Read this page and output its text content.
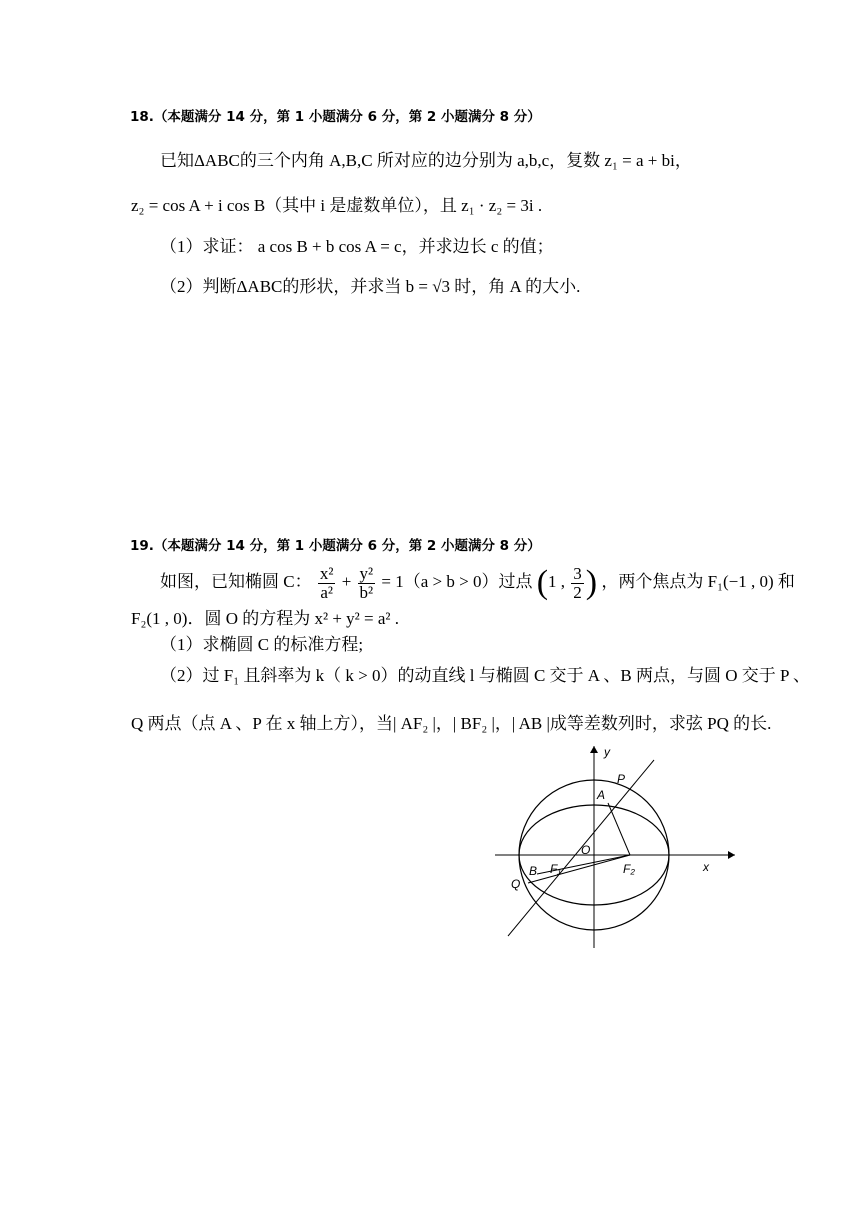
18.（本题满分 14 分，第 1 小题满分 6 分，第 2 小题满分 8 分）
已知ΔABC的三个内角 A,B,C 所对应的边分别为 a,b,c，复数 z₁ = a + bi，
z₂ = cos A + i cos B（其中 i 是虚数单位），且 z₁ · z₂ = 3i .
（1）求证： a cos B + b cos A = c，并求边长 c 的值；
（2）判断ΔABC的形状，并求当 b = √3 时，角 A 的大小.
19.（本题满分 14 分，第 1 小题满分 6 分，第 2 小题满分 8 分）
如图，已知椭圆 C： $\frac{\text{x²}}{\text{a²}} + \frac{\text{y²}}{\text{b²}} = 1(a > b > 0)$过点 (1 , $\frac{3}{2}$ ) ，两个焦点为 F₁(−1 , 0) 和
F₂(1 , 0)．圆 O 的方程为 x² + y² = a² .
（1）求椭圆 C 的标准方程;
（2）过 F₁ 且斜率为 k（ k > 0）的动直线 l 与椭圆 C 交于 A 、B 两点，与圆 O 交于 P 、
Q 两点（点 A 、P 在 x 轴上方），当| AF₂ |，| BF₂ |，| AB |成等差数列时，求弦 PQ 的长.
y
x
P
A
O
B F₁	F₂
Q
